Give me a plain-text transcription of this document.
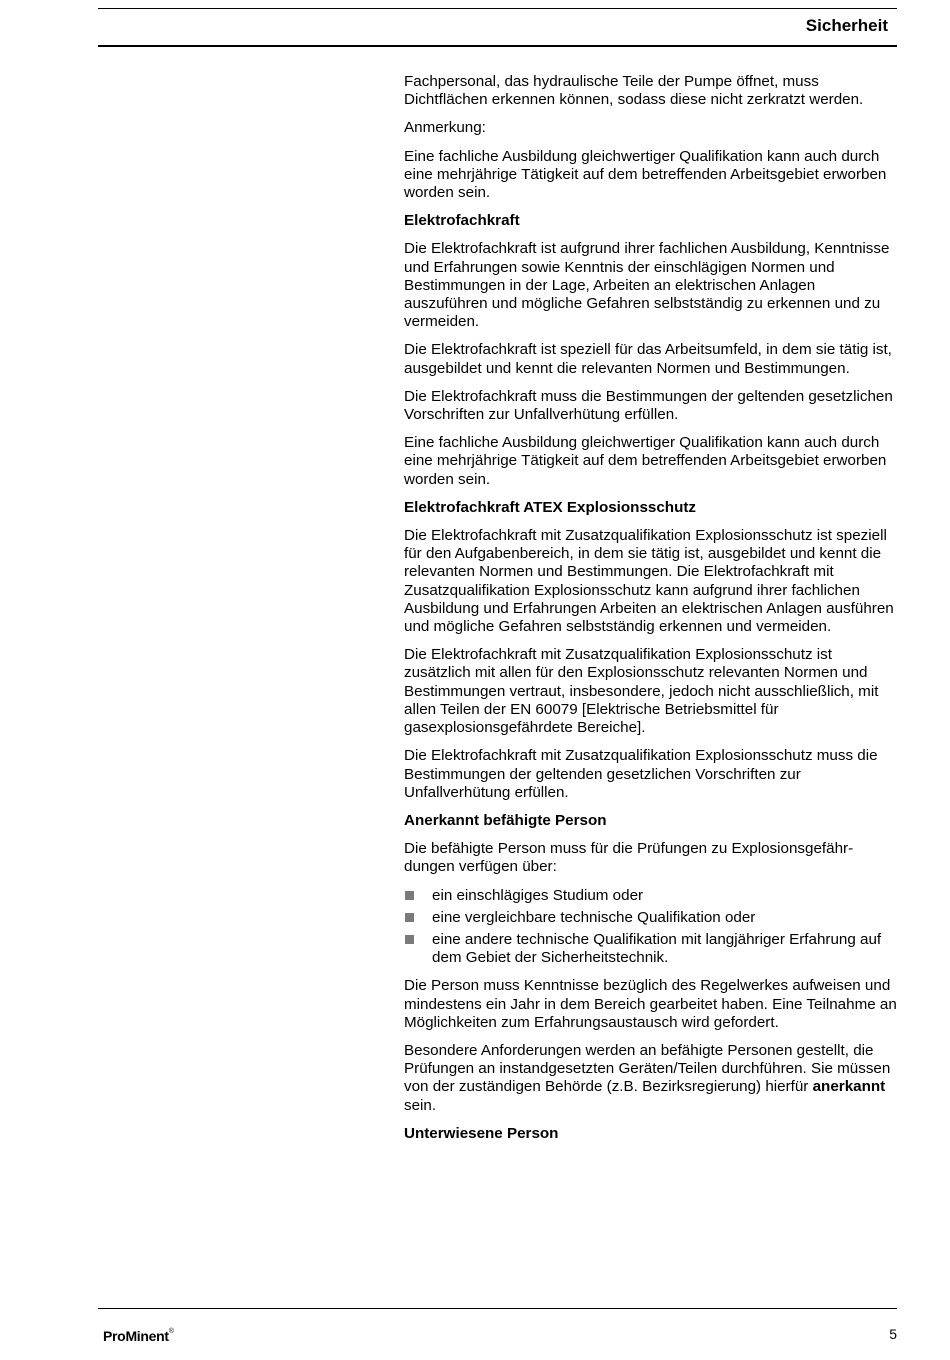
Sicherheit

Fachpersonal, das hydraulische Teile der Pumpe öffnet, muss Dichtflächen erkennen können, sodass diese nicht zerkratzt werden.

Anmerkung:

Eine fachliche Ausbildung gleichwertiger Qualifikation kann auch durch eine mehrjährige Tätigkeit auf dem betreffenden Arbeitsgebiet erworben worden sein.

Elektrofachkraft

Die Elektrofachkraft ist aufgrund ihrer fachlichen Ausbildung, Kenntnisse und Erfahrungen sowie Kenntnis der einschlägigen Normen und Bestimmungen in der Lage, Arbeiten an elektrischen Anlagen auszuführen und mögliche Gefahren selbstständig zu erkennen und zu vermeiden.

Die Elektrofachkraft ist speziell für das Arbeitsumfeld, in dem sie tätig ist, ausgebildet und kennt die relevanten Normen und Bestimmungen.

Die Elektrofachkraft muss die Bestimmungen der geltenden gesetzlichen Vorschriften zur Unfallverhütung erfüllen.

Eine fachliche Ausbildung gleichwertiger Qualifikation kann auch durch eine mehrjährige Tätigkeit auf dem betreffenden Arbeitsgebiet erworben worden sein.

Elektrofachkraft ATEX Explosionsschutz

Die Elektrofachkraft mit Zusatzqualifikation Explosionsschutz ist speziell für den Aufgabenbereich, in dem sie tätig ist, ausgebildet und kennt die relevanten Normen und Bestimmungen. Die Elektrofachkraft mit Zusatzqualifikation Explosionsschutz kann aufgrund ihrer fachlichen Ausbildung und Erfahrungen Arbeiten an elektrischen Anlagen ausführen und mögliche Gefahren selbstständig erkennen und vermeiden.

Die Elektrofachkraft mit Zusatzqualifikation Explosionsschutz ist zusätzlich mit allen für den Explosionsschutz relevanten Normen und Bestimmungen vertraut, insbesondere, jedoch nicht ausschließlich, mit allen Teilen der EN 60079 [Elektrische Betriebsmittel für gasexplosionsgefährdete Bereiche].

Die Elektrofachkraft mit Zusatzqualifikation Explosionsschutz muss die Bestimmungen der geltenden gesetzlichen Vorschriften zur Unfallverhütung erfüllen.

Anerkannt befähigte Person

Die befähigte Person muss für die Prüfungen zu Explosionsgefährdungen verfügen über:

ein einschlägiges Studium oder
eine vergleichbare technische Qualifikation oder
eine andere technische Qualifikation mit langjähriger Erfahrung auf dem Gebiet der Sicherheitstechnik.

Die Person muss Kenntnisse bezüglich des Regelwerkes aufweisen und mindestens ein Jahr in dem Bereich gearbeitet haben. Eine Teilnahme an Möglichkeiten zum Erfahrungsaustausch wird gefordert.

Besondere Anforderungen werden an befähigte Personen gestellt, die Prüfungen an instandgesetzten Geräten/Teilen durchführen. Sie müssen von der zuständigen Behörde (z.B. Bezirksregierung) hierfür anerkannt sein.

Unterwiesene Person
ProMinent®	5
